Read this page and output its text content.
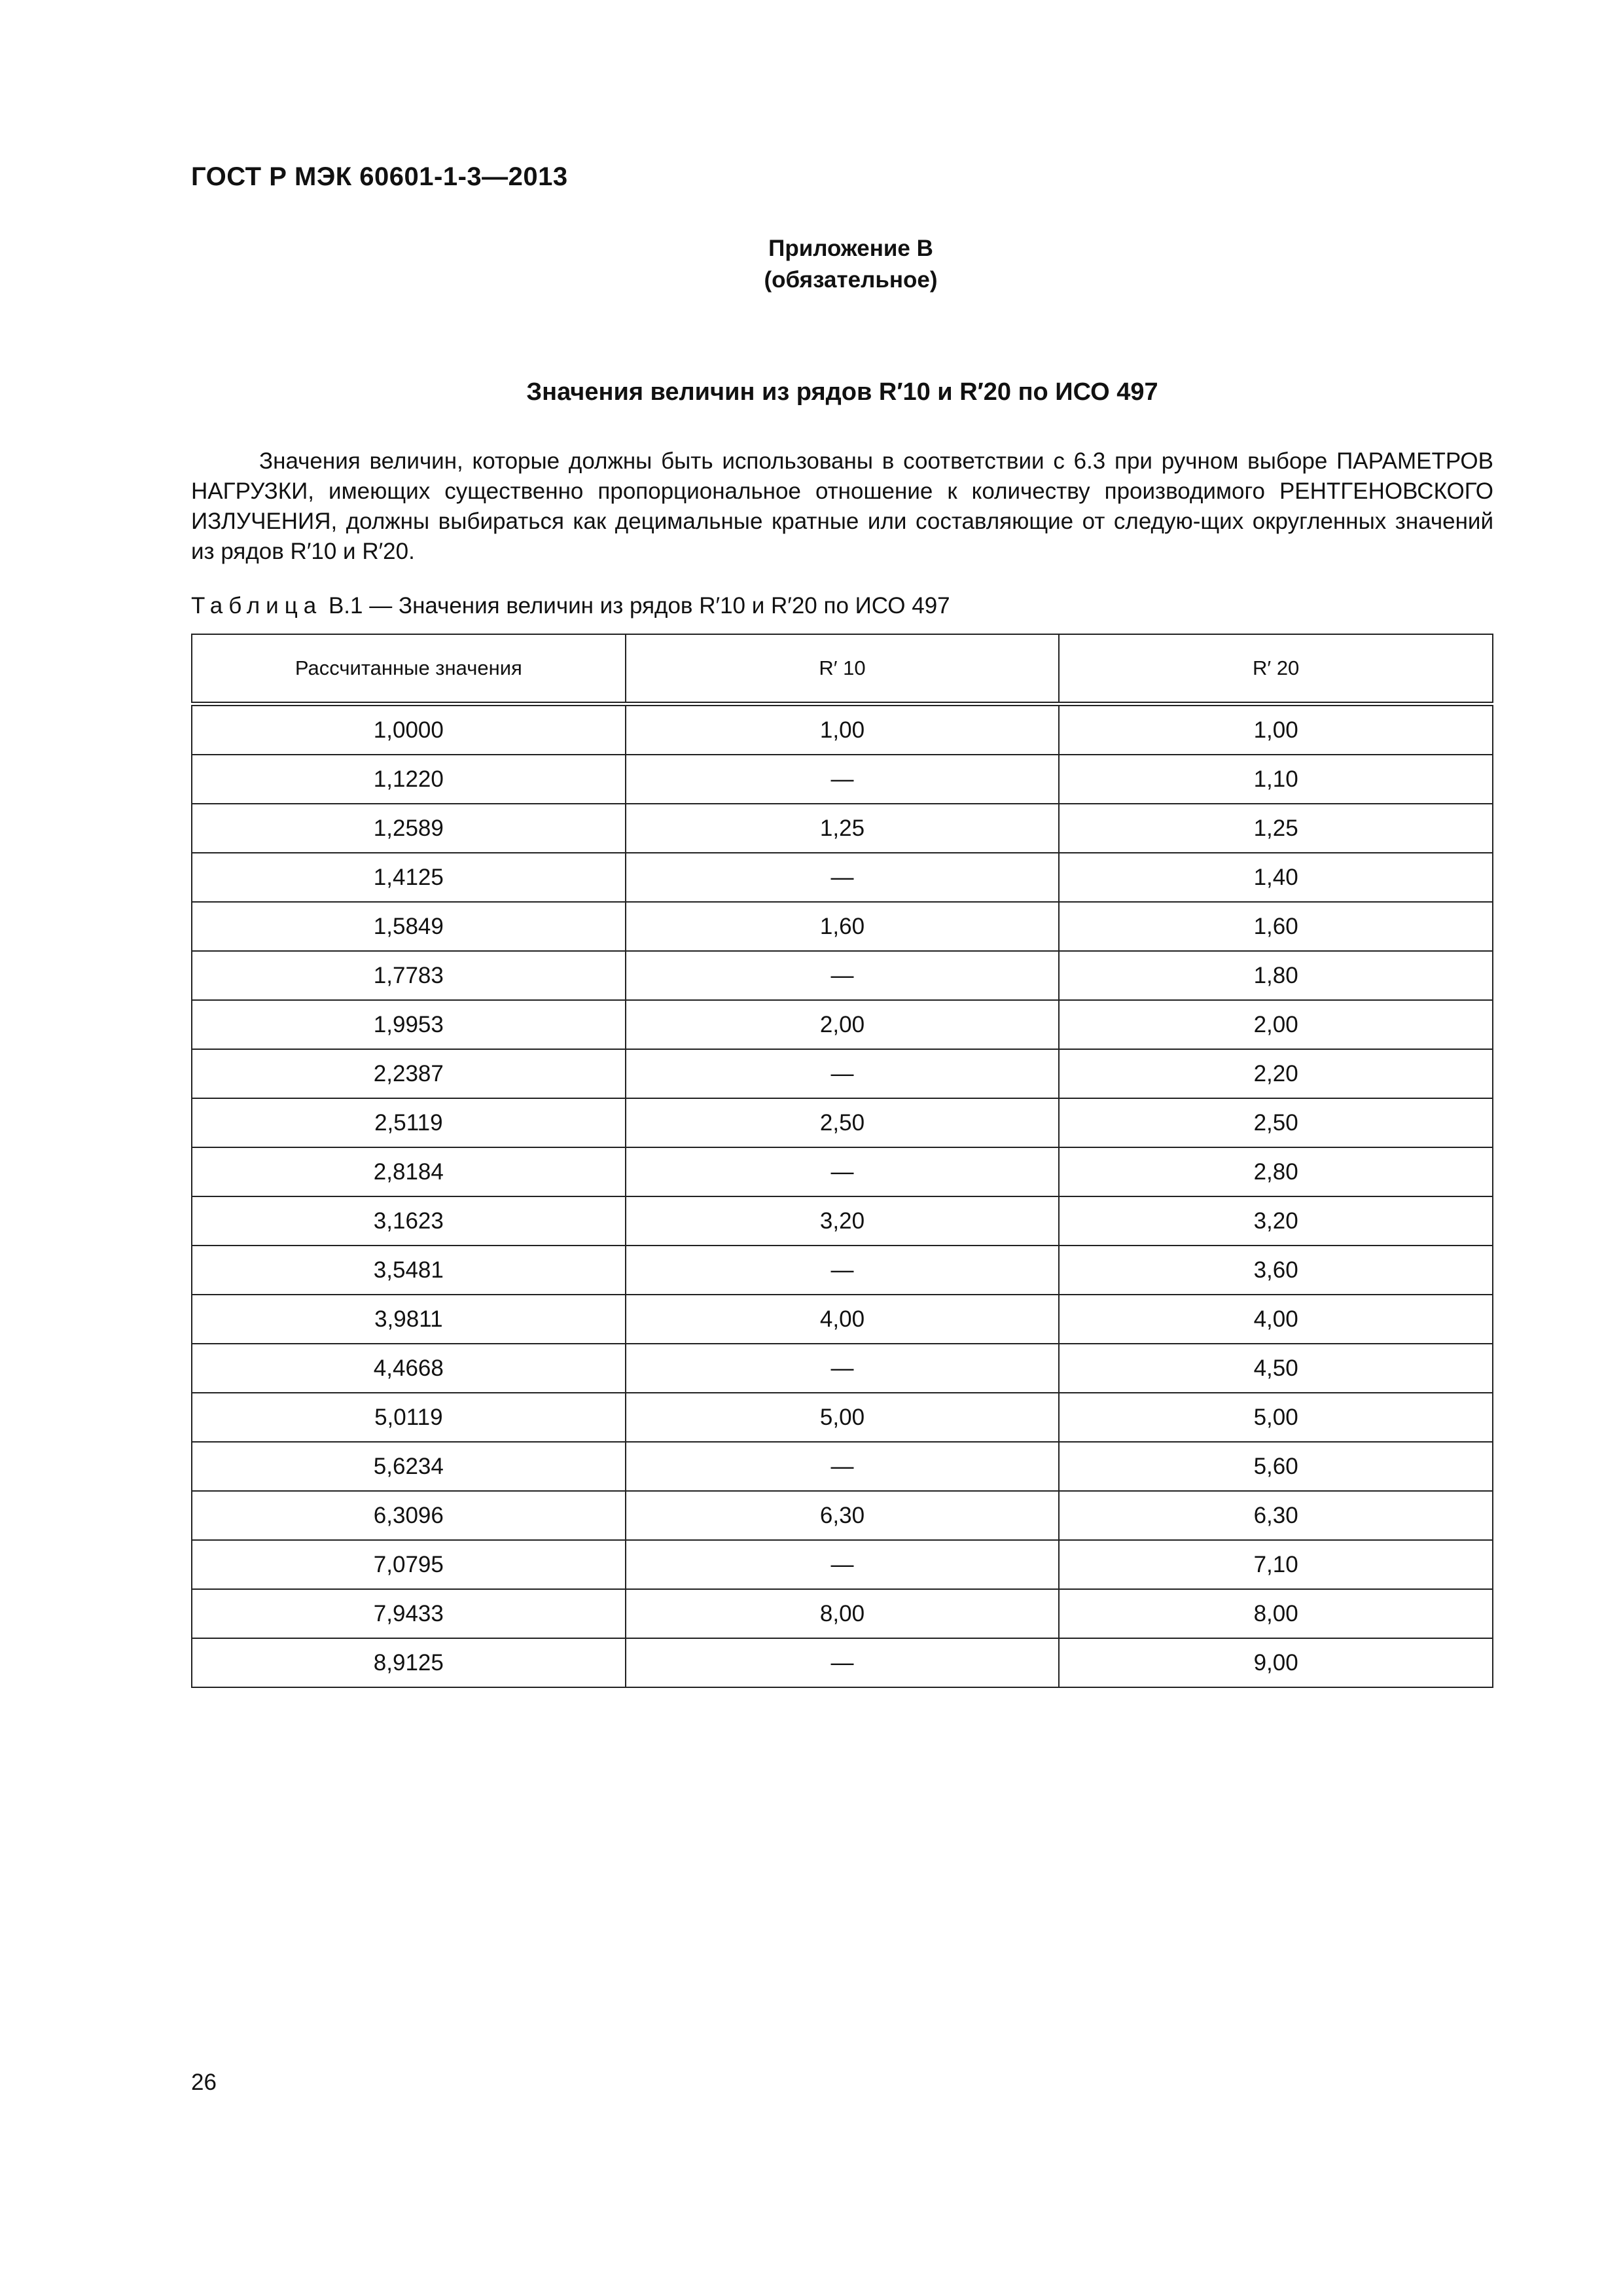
ГОСТ Р МЭК 60601-1-3—2013
Приложение В
(обязательное)
Значения величин из рядов R′10 и R′20 по ИСО 497

Значения величин, которые должны быть использованы в соответствии с 6.3 при ручном выборе ПАРАМЕТРОВ НАГРУЗКИ, имеющих существенно пропорциональное отношение к количеству производимого РЕНТГЕНОВСКОГО ИЗЛУЧЕНИЯ, должны выбираться как децимальные кратные или составляющие от следую-щих округленных значений из рядов R′10 и R′20.

Таблица В.1 — Значения величин из рядов R′10 и R′20 по ИСО 497
Рассчитанные значения	R′ 10	R′ 20
1,0000	1,00	1,00
1,1220	—	1,10
1,2589	1,25	1,25
1,4125	—	1,40
1,5849	1,60	1,60
1,7783	—	1,80
1,9953	2,00	2,00
2,2387	—	2,20
2,5119	2,50	2,50
2,8184	—	2,80
3,1623	3,20	3,20
3,5481	—	3,60
3,9811	4,00	4,00
4,4668	—	4,50
5,0119	5,00	5,00
5,6234	—	5,60
6,3096	6,30	6,30
7,0795	—	7,10
7,9433	8,00	8,00
8,9125	—	9,00
26
